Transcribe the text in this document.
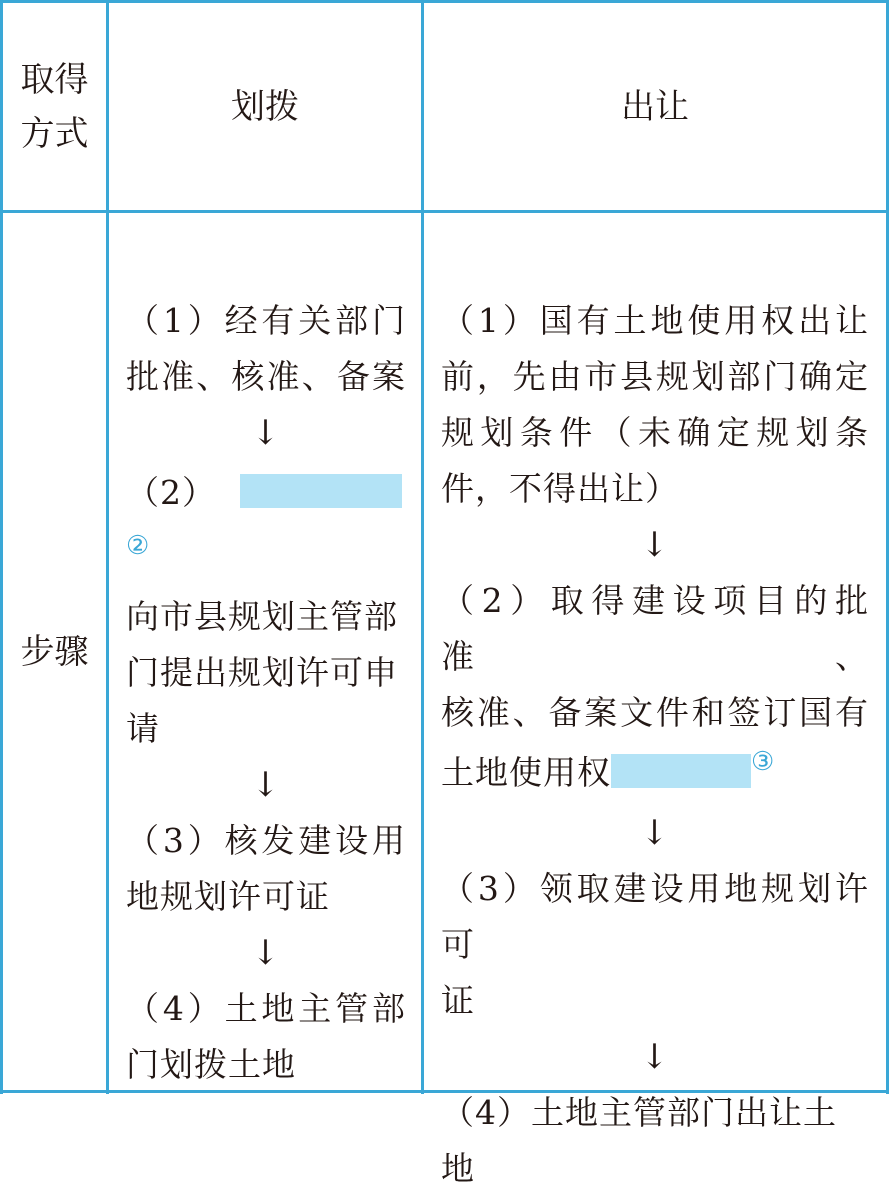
取得
方式
划拨	出让
步骤
（1）经有关部门
批准、核准、备案
↓
（2）②
向市县规划主管部
门提出规划许可申
请
↓
（3）核发建设用
地规划许可证
↓
（4）土地主管部
门划拨土地
（1）国有土地使用权出让
前，先由市县规划部门确定
规划条件（未确定规划条
件，不得出让）
↓
（2）取得建设项目的批准、
核准、备案文件和签订国有
土地使用权	③
↓
（3）领取建设用地规划许可
证
↓
（4）土地主管部门出让土地
